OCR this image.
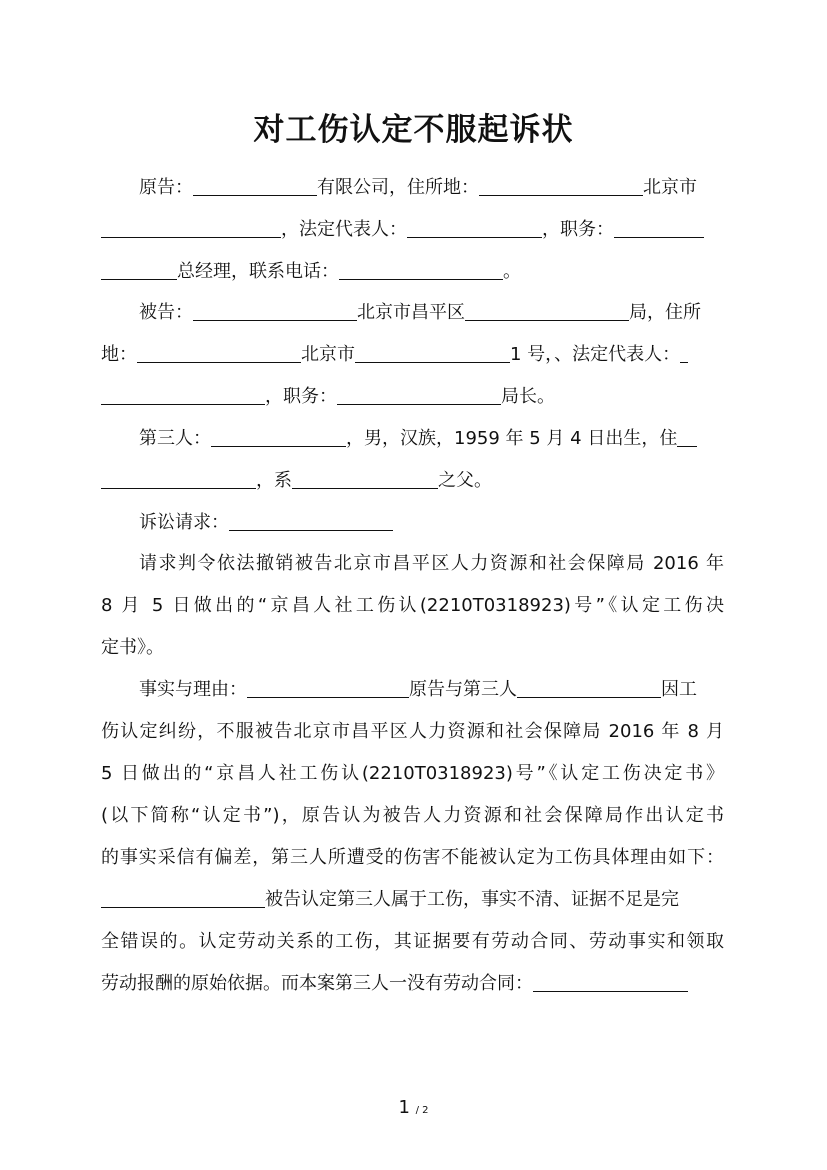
对工伤认定不服起诉状
原告：	有限公司，住所地：	北京市
，法定代表人：	，职务：
总经理，联系电话：	。
被告：	北京市昌平区	局，住所
地：	北京市	1 号，、法定代表人：
，职务：	局长。
第三人：	，男，汉族，1959 年 5 月 4 日出生，住
，系	之父。
诉讼请求：
请求判令依法撤销被告北京市昌平区人力资源和社会保障局 2016 年
8 月 5 日做出的“京昌人社工伤认(2210T0318923)号”《认定工伤决
定书》。
事实与理由：	原告与第三人	因工
伤认定纠纷，不服被告北京市昌平区人力资源和社会保障局 2016 年 8 月
5 日做出的“京昌人社工伤认(2210T0318923)号”《认定工伤决定书》
(以下简称“认定书”)，原告认为被告人力资源和社会保障局作出认定书
的事实采信有偏差，第三人所遭受的伤害不能被认定为工伤具体理由如下：
被告认定第三人属于工伤，事实不清、证据不足是完
全错误的。认定劳动关系的工伤，其证据要有劳动合同、劳动事实和领取
劳动报酬的原始依据。而本案第三人一没有劳动合同：
1 / 2
